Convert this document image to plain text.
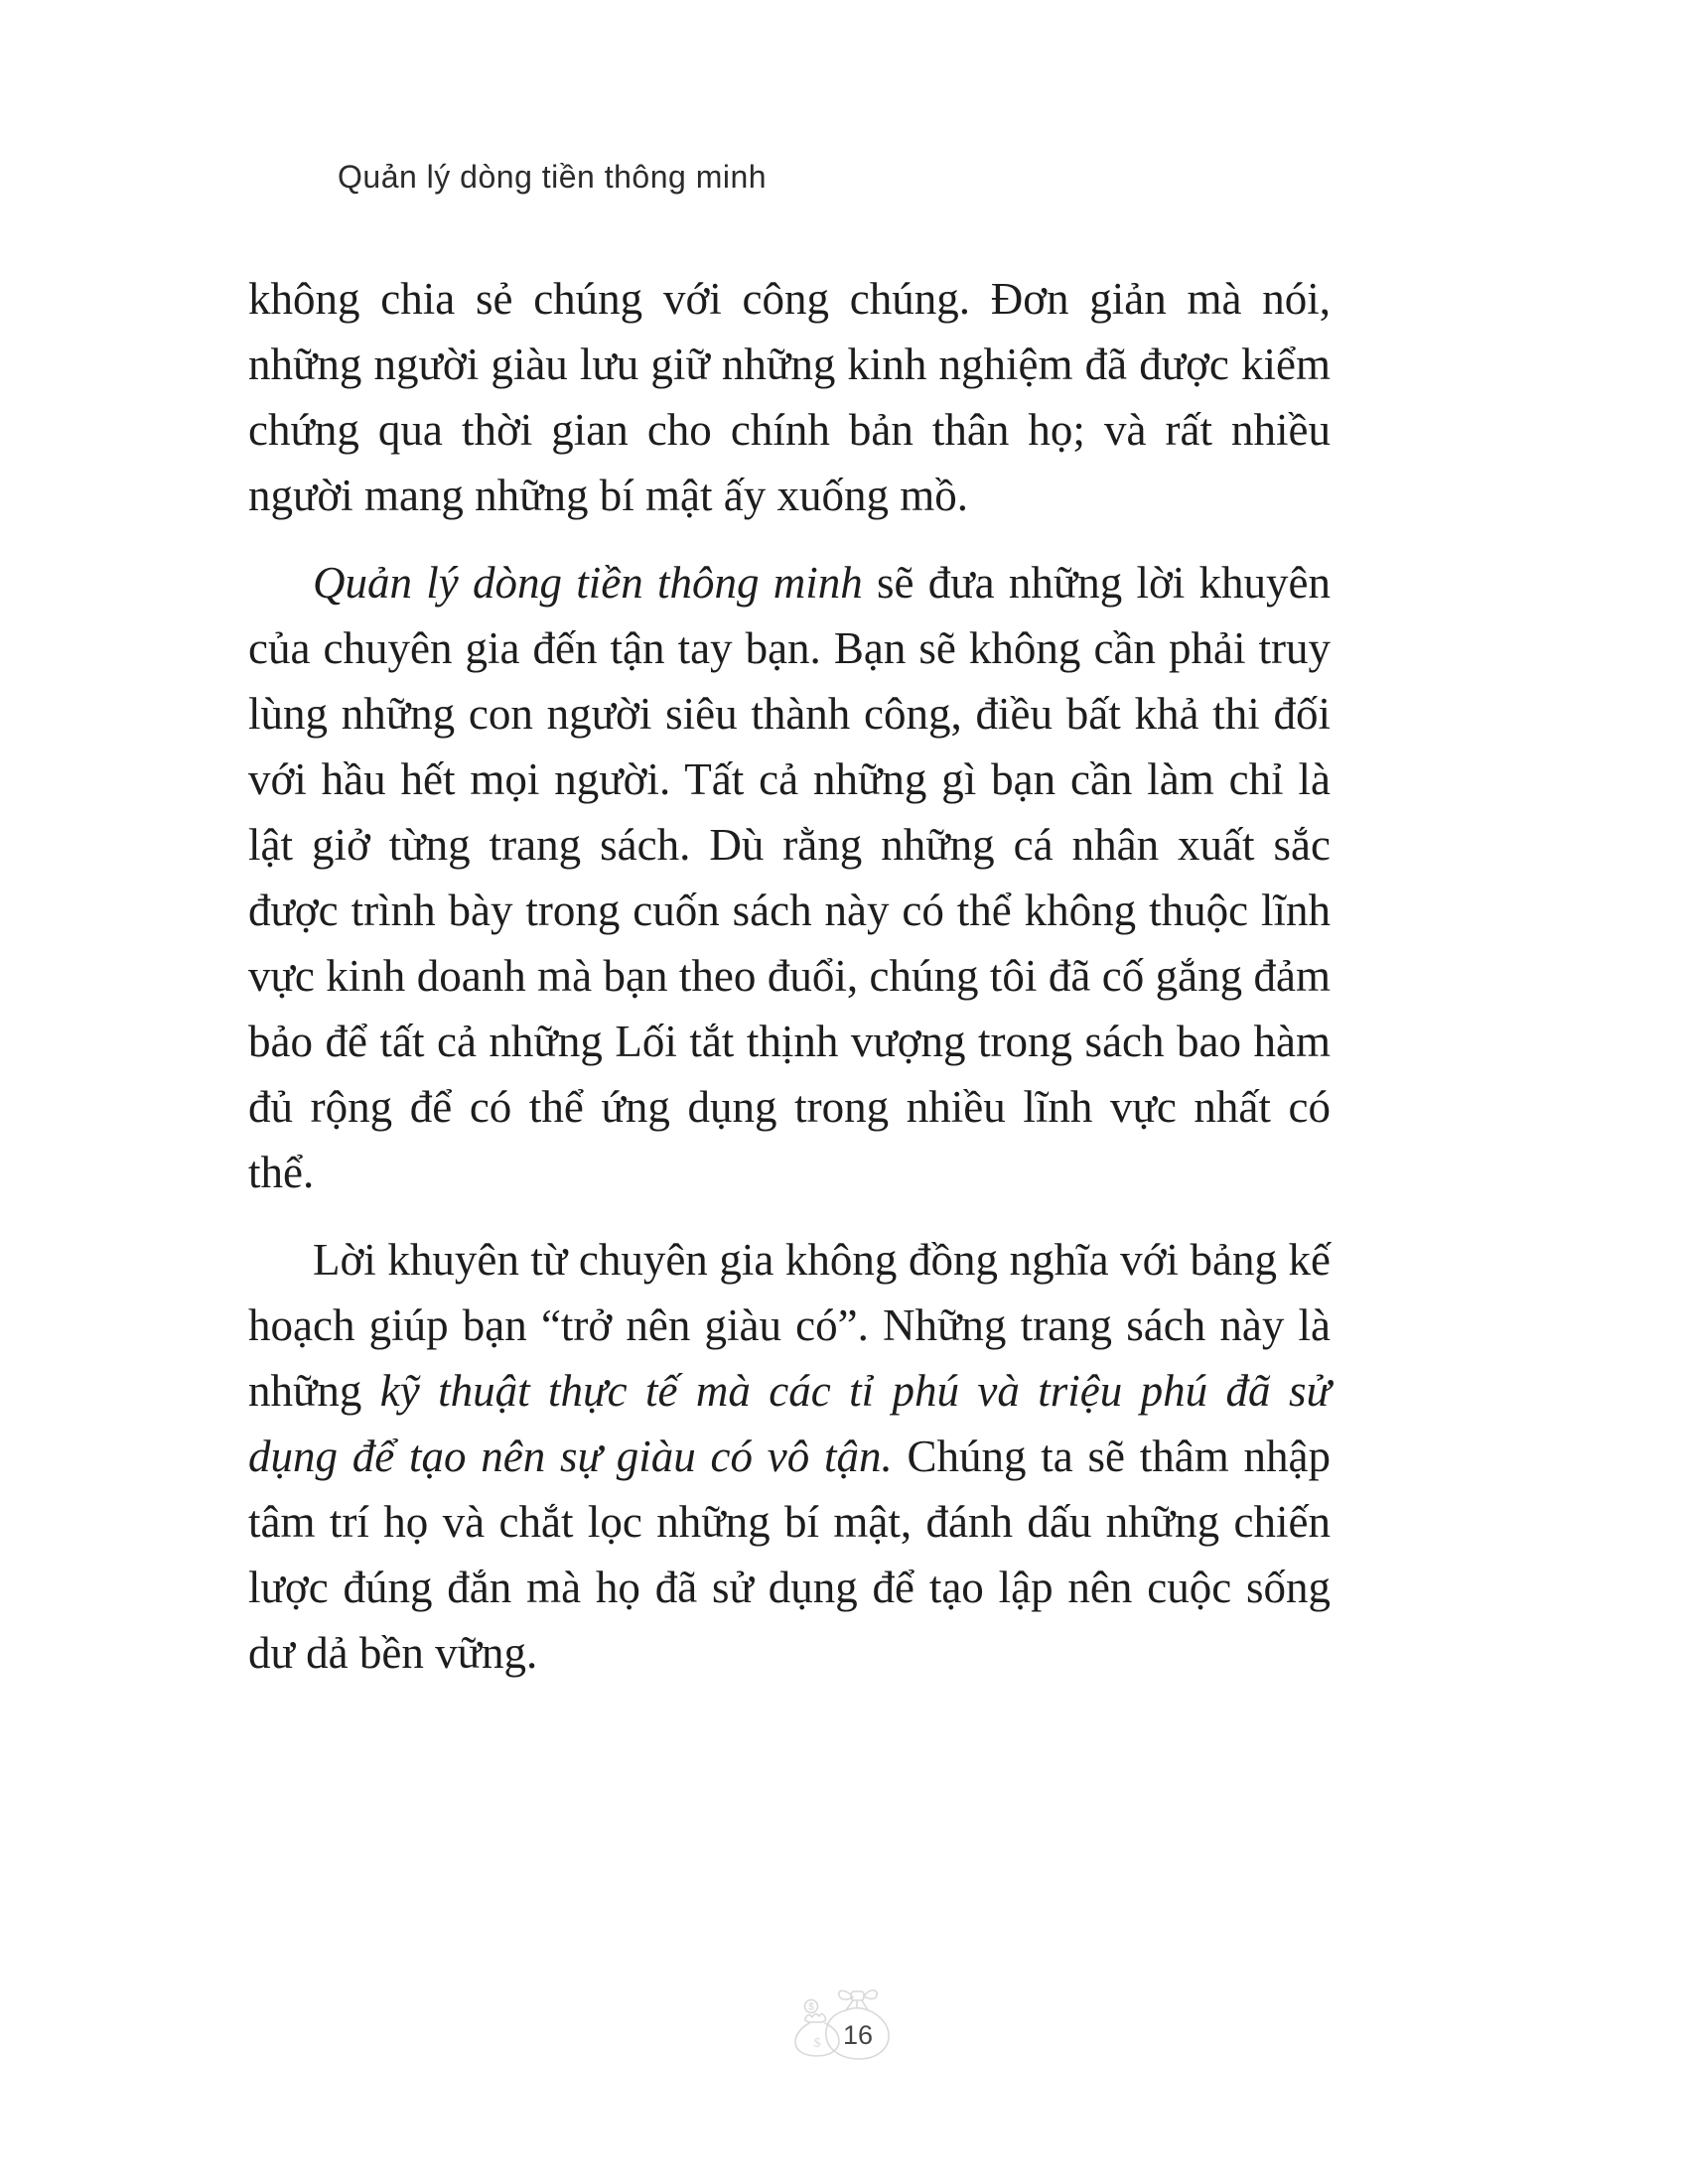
Quản lý dòng tiền thông minh

không chia sẻ chúng với công chúng. Đơn giản mà nói, những người giàu lưu giữ những kinh nghiệm đã được kiểm chứng qua thời gian cho chính bản thân họ; và rất nhiều người mang những bí mật ấy xuống mồ.

Quản lý dòng tiền thông minh sẽ đưa những lời khuyên của chuyên gia đến tận tay bạn. Bạn sẽ không cần phải truy lùng những con người siêu thành công, điều bất khả thi đối với hầu hết mọi người. Tất cả những gì bạn cần làm chỉ là lật giở từng trang sách. Dù rằng những cá nhân xuất sắc được trình bày trong cuốn sách này có thể không thuộc lĩnh vực kinh doanh mà bạn theo đuổi, chúng tôi đã cố gắng đảm bảo để tất cả những Lối tắt thịnh vượng trong sách bao hàm đủ rộng để có thể ứng dụng trong nhiều lĩnh vực nhất có thể.

Lời khuyên từ chuyên gia không đồng nghĩa với bảng kế hoạch giúp bạn “trở nên giàu có”. Những trang sách này là những kỹ thuật thực tế mà các tỉ phú và triệu phú đã sử dụng để tạo nên sự giàu có vô tận. Chúng ta sẽ thâm nhập tâm trí họ và chắt lọc những bí mật, đánh dấu những chiến lược đúng đắn mà họ đã sử dụng để tạo lập nên cuộc sống dư dả bền vững.

$
$ 16
